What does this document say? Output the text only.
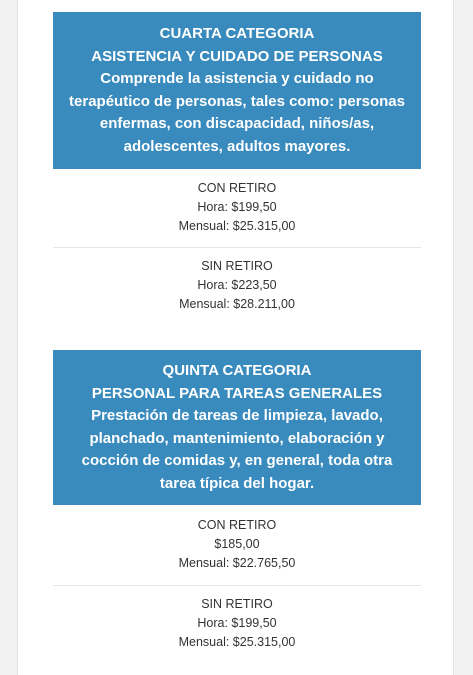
CUARTA CATEGORIA
ASISTENCIA Y CUIDADO DE PERSONAS
Comprende la asistencia y cuidado no
terapéutico de personas, tales como: personas
enfermas, con discapacidad, niños/as,
adolescentes, adultos mayores.
CON RETIRO
Hora: $199,50
Mensual: $25.315,00
SIN RETIRO
Hora: $223,50
Mensual: $28.211,00
QUINTA CATEGORIA
PERSONAL PARA TAREAS GENERALES
Prestación de tareas de limpieza, lavado,
planchado, mantenimiento, elaboración y
cocción de comidas y, en general, toda otra
tarea típica del hogar.
CON RETIRO
$185,00
Mensual: $22.765,50
SIN RETIRO
Hora: $199,50
Mensual: $25.315,00
